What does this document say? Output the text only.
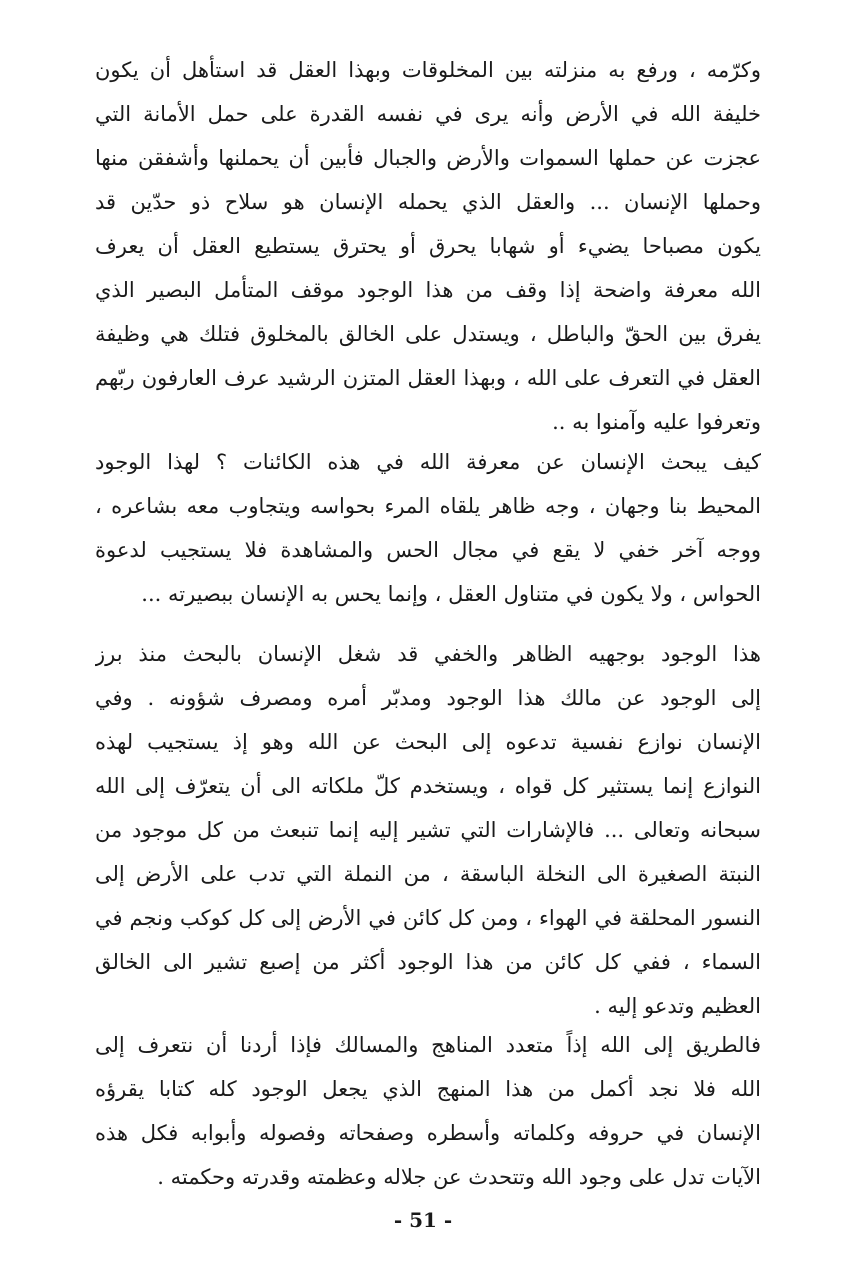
وكرّمه ، ورفع به منزلته بين المخلوقات وبهذا العقل قد استأهل أن يكون
خليفة الله في الأرض وأنه يرى في نفسه القدرة على حمل الأمانة التي
عجزت عن حملها السموات والأرض والجبال فأبين أن يحملنها وأشفقن منها
وحملها الإنسان ... والعقل الذي يحمله الإنسان هو سلاح ذو حدّين قد
يكون مصباحا يضيء أو شهابا يحرق أو يحترق يستطيع العقل أن يعرف
الله معرفة واضحة إذا وقف من هذا الوجود موقف المتأمل البصير الذي
يفرق بين الحقّ والباطل ، ويستدل على الخالق بالمخلوق فتلك هي وظيفة
العقل في التعرف على الله ، وبهذا العقل المتزن الرشيد عرف العارفون ربّهم
وتعرفوا عليه وآمنوا به ..
كيف يبحث الإنسان عن معرفة الله في هذه الكائنات ؟ لهذا الوجود
المحيط بنا وجهان ، وجه ظاهر يلقاه المرء بحواسه ويتجاوب معه بشاعره ،
ووجه آخر خفي لا يقع في مجال الحس والمشاهدة فلا يستجيب لدعوة
الحواس ، ولا يكون في متناول العقل ، وإنما يحس به الإنسان ببصيرته ...
هذا الوجود بوجهيه الظاهر والخفي قد شغل الإنسان بالبحث منذ برز
إلى الوجود عن مالك هذا الوجود ومدبّر أمره ومصرف شؤونه . وفي
الإنسان نوازع نفسية تدعوه إلى البحث عن الله وهو إذ يستجيب لهذه
النوازع إنما يستثير كل قواه ، ويستخدم كلّ ملكاته الى أن يتعرّف إلى الله
سبحانه وتعالى ... فالإشارات التي تشير إليه إنما تنبعث من كل موجود من
النبتة الصغيرة الى النخلة الباسقة ، من النملة التي تدب على الأرض إلى
النسور المحلقة في الهواء ، ومن كل كائن في الأرض إلى كل كوكب ونجم في
السماء ، ففي كل كائن من هذا الوجود أكثر من إصبع تشير الى الخالق
العظيم وتدعو إليه .
فالطريق إلى الله إذاً متعدد المناهج والمسالك فإذا أردنا أن نتعرف إلى
الله فلا نجد أكمل من هذا المنهج الذي يجعل الوجود كله كتابا يقرؤه
الإنسان في حروفه وكلماته وأسطره وصفحاته وفصوله وأبوابه فكل هذه
الآيات تدل على وجود الله وتتحدث عن جلاله وعظمته وقدرته وحكمته .
- 51 -
